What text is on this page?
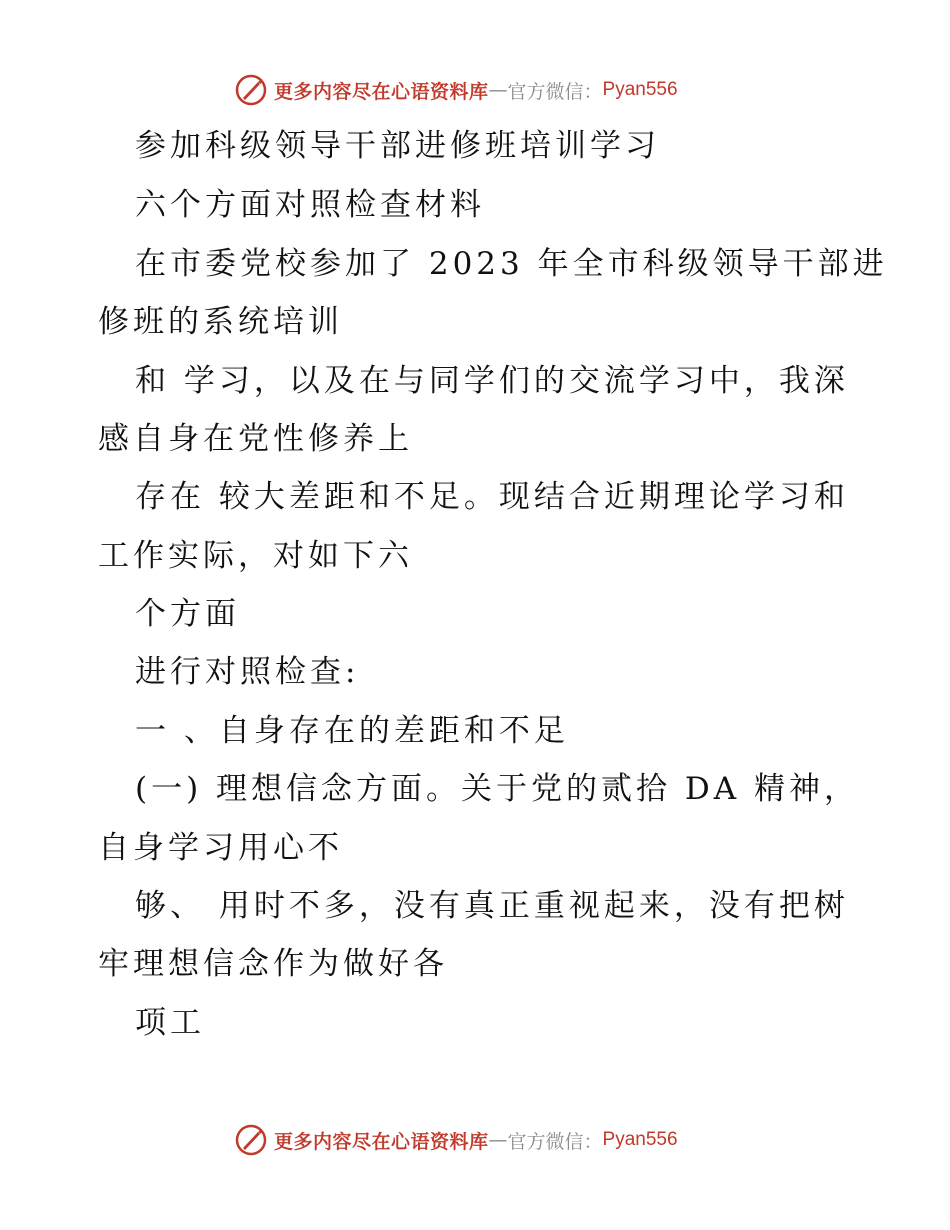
更多内容尽在心语资料库 — 官方微信： Pyan556
参加科级领导干部进修班培训学习
六个方面对照检查材料
在市委党校参加了 2023 年全市科级领导干部进
修班的系统培训
和 学习，以及在与同学们的交流学习中，我深
感自身在党性修养上
存在 较大差距和不足。现结合近期理论学习和
工作实际，对如下六
个方面
进行对照检查:
一 、自身存在的差距和不足
(一) 理想信念方面。关于党的贰拾 DA 精神，
自身学习用心不
够、 用时不多，没有真正重视起来，没有把树
牢理想信念作为做好各
项工
更多内容尽在心语资料库 — 官方微信： Pyan556
